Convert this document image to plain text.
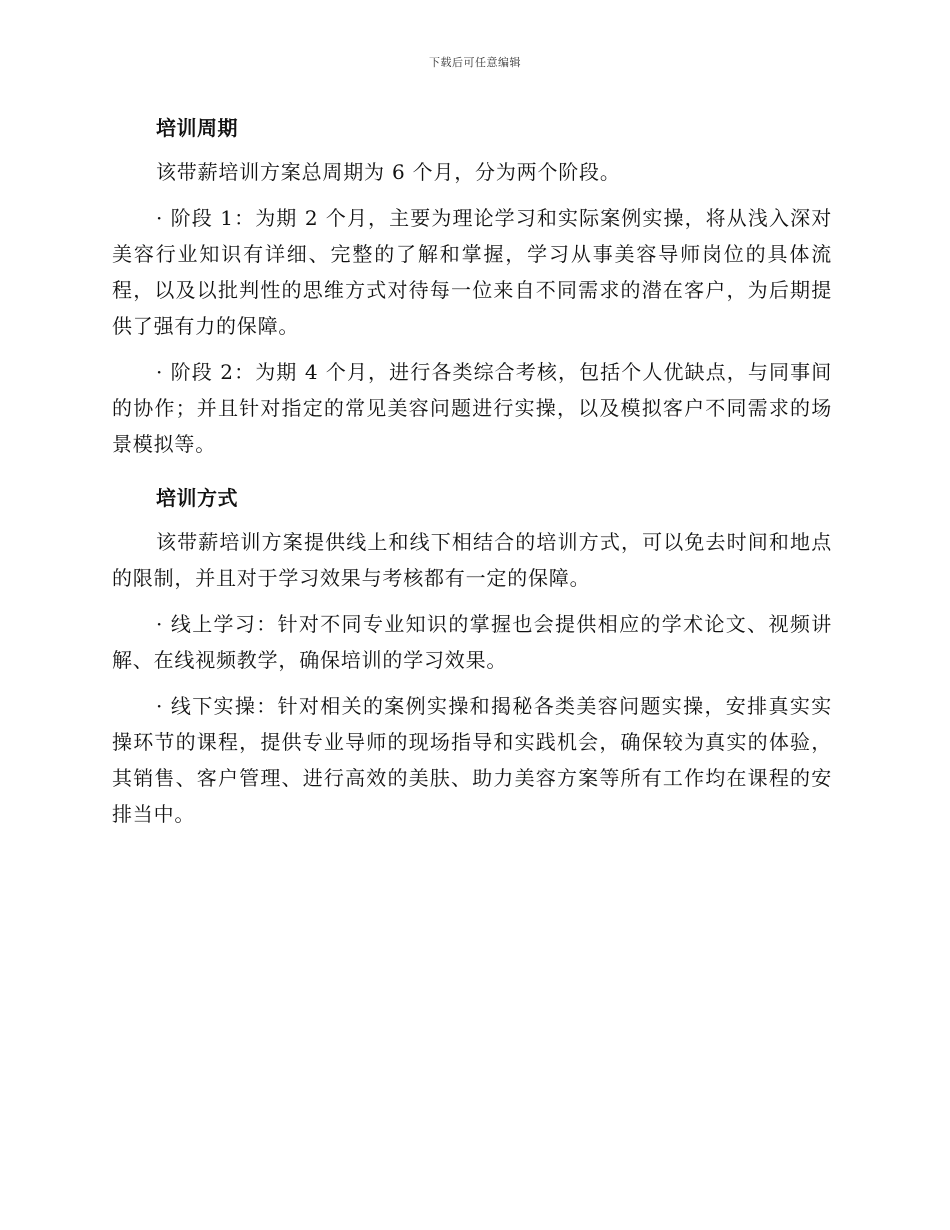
下载后可任意编辑
培训周期

该带薪培训方案总周期为 6 个月，分为两个阶段。

· 阶段 1：为期 2 个月，主要为理论学习和实际案例实操，将从浅入深对美容行业知识有详细、完整的了解和掌握，学习从事美容导师岗位的具体流程，以及以批判性的思维方式对待每一位来自不同需求的潜在客户，为后期提供了强有力的保障。

· 阶段 2：为期 4 个月，进行各类综合考核，包括个人优缺点，与同事间的协作；并且针对指定的常见美容问题进行实操，以及模拟客户不同需求的场景模拟等。

培训方式

该带薪培训方案提供线上和线下相结合的培训方式，可以免去时间和地点的限制，并且对于学习效果与考核都有一定的保障。

· 线上学习：针对不同专业知识的掌握也会提供相应的学术论文、视频讲解、在线视频教学，确保培训的学习效果。

· 线下实操：针对相关的案例实操和揭秘各类美容问题实操，安排真实实操环节的课程，提供专业导师的现场指导和实践机会，确保较为真实的体验，其销售、客户管理、进行高效的美肤、助力美容方案等所有工作均在课程的安排当中。
